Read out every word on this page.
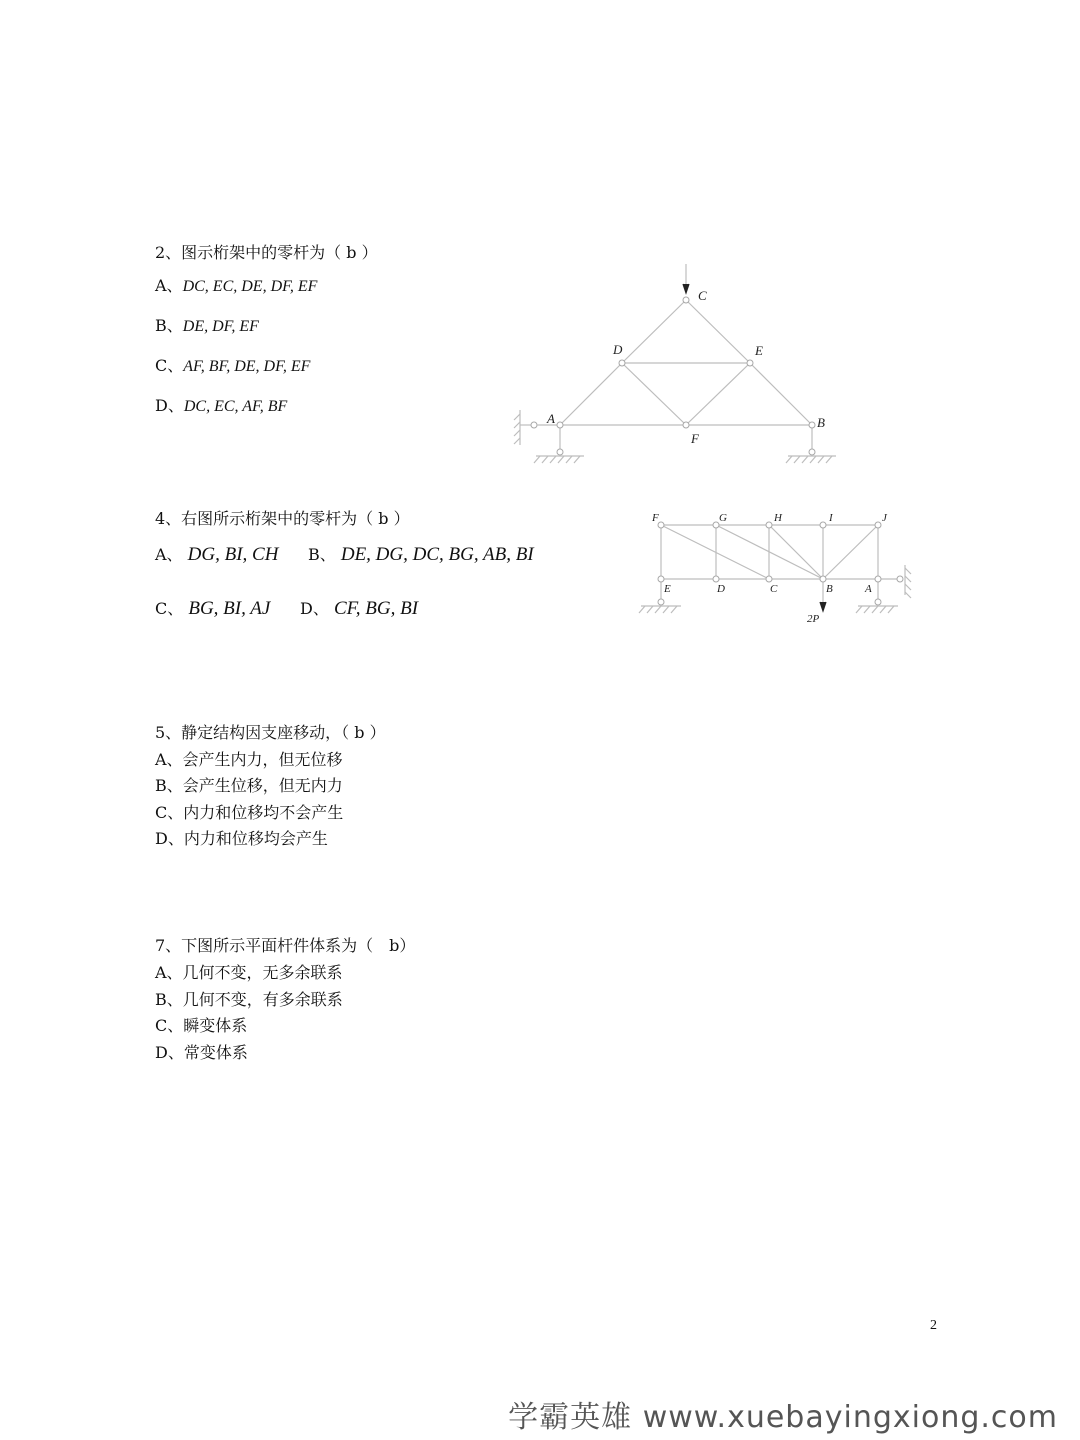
2、图示桁架中的零杆为（ b ）
A、DC, EC, DE, DF, EF
B、DE, DF, EF
C、AF, BF, DE, DF, EF
D、DC, EC, AF, BF
C
D	E
A	B
F
4、右图所示桁架中的零杆为（ b ）
A、 DG, BI, CH B、 DE, DG, DC, BG, AB, BI
C、 BG, BI, AJ D、 CF, BG, BI
F	G	H	I	J
E	D	C	B	A
2P
5、静定结构因支座移动，（ b ）
A、会产生内力，但无位移
B、会产生位移，但无内力
C、内力和位移均不会产生
D、内力和位移均会产生
7、下图所示平面杆件体系为（　b）
A、几何不变，无多余联系
B、几何不变，有多余联系
C、瞬变体系
D、常变体系
2
学霸英雄 www.xuebayingxiong.com
